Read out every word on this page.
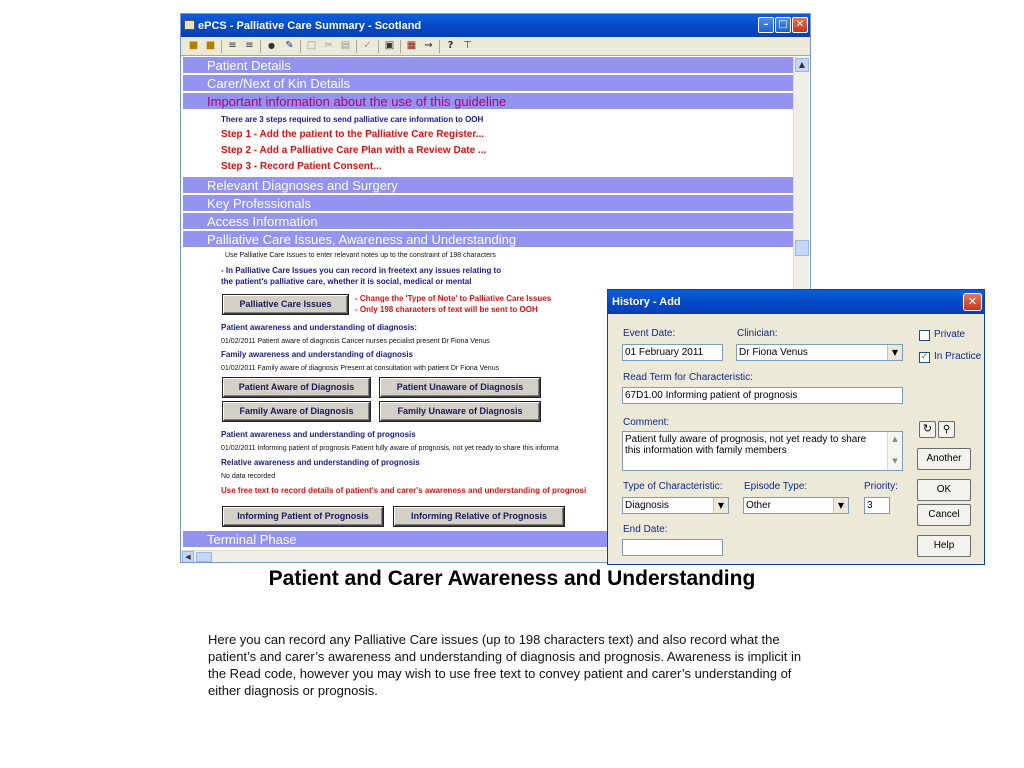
ePCS - Palliative Care Summary - Scotland	– □ ✕
■ ■ ≡ ≡	●	✎ □ ✂ ▤ ✓ ▣ ▦ ⇝	? ⊤
Patient Details
Carer/Next of Kin Details
Important information about the use of this guideline
There are 3 steps required to send palliative care information to OOH
Step 1 - Add the patient to the Palliative Care Register...
Step 2 - Add a Palliative Care Plan with a Review Date ...
Step 3 - Record Patient Consent...
Relevant Diagnoses and Surgery
Key Professionals
Access Information
Palliative Care Issues, Awareness and Understanding
Use Palliative Care Issues to enter relevant notes up to the constraint of 198 characters
- In Palliative Care Issues you can record in freetext any issues relating to
the patient's palliative care, whether it is social, medical or mental
Palliative Care Issues
- Change the 'Type of Note' to Palliative Care Issues
- Only 198 characters of text will be sent to OOH
Patient awareness and understanding of diagnosis:
01/02/2011 Patient aware of diagnosis Cancer nurses pecialist present Dr Fiona Venus
Family awareness and understanding of diagnosis
01/02/2011 Family aware of diagnosis Present at consultation with patient Dr Fiona Venus
Patient Aware of Diagnosis	Patient Unaware of Diagnosis
Family Aware of Diagnosis	Family Unaware of Diagnosis
Patient awareness and understanding of prognosis
01/02/2011 Informing patient of prognosis Patient fully aware of prognosis, not yet ready to share this informa
Relative awareness and understanding of prognosis
No data recorded
Use free text to record details of patient's and carer's awareness and understanding of prognosi
Informing Patient of Prognosis	Informing Relative of Prognosis
Terminal Phase
▲
◀
History - Add	✕
Event Date:
01 February 2011
Clinician:
Dr Fiona Venus	▼
Private
✓ In Practice
Read Term for Characteristic:
67D1.00 Informing patient of prognosis
Comment:
Patient fully aware of prognosis, not yet ready to share this information with family members
▲
▼
Type of Characteristic:
Diagnosis	▼
Episode Type:
Other	▼
Priority:
3
End Date:
↻	⚲
Another
OK
Cancel
Help
Patient and Carer Awareness and Understanding
Here you can record any Palliative Care issues (up to 198 characters text) and also record what the patient’s and carer’s awareness and understanding of diagnosis and prognosis. Awareness is implicit in the Read code, however you may wish to use free text to convey patient and carer’s understanding of either diagnosis or prognosis.
